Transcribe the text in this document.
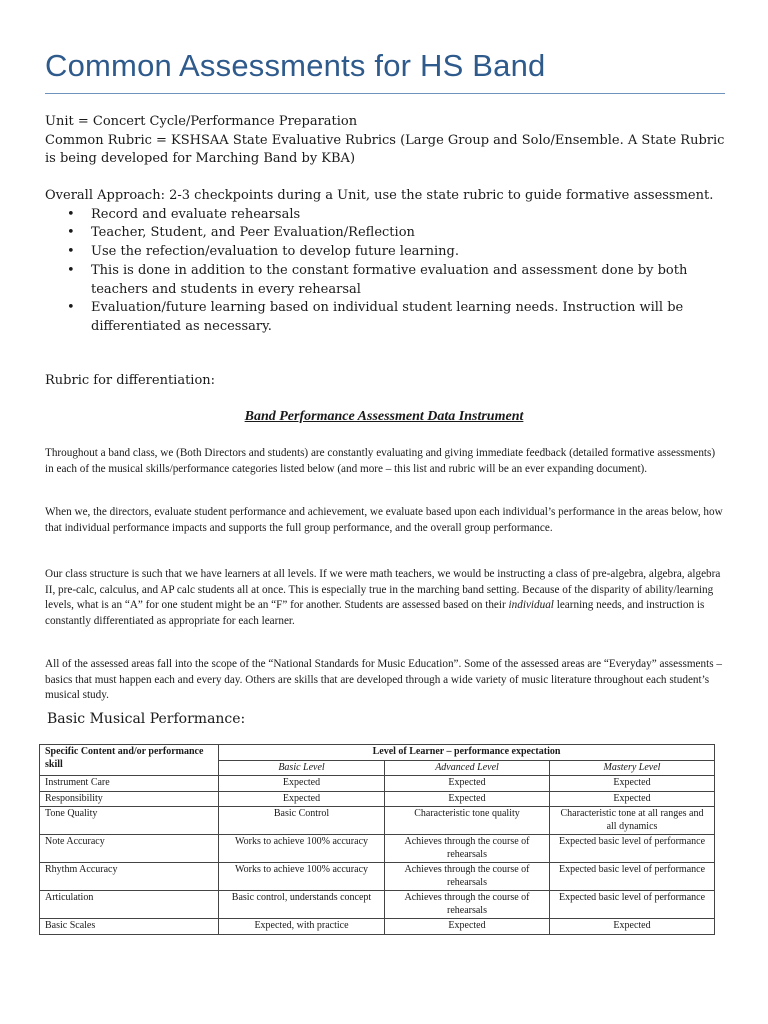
Common Assessments for HS Band

Unit = Concert Cycle/Performance Preparation

Common Rubric = KSHSAA State Evaluative Rubrics (Large Group and Solo/Ensemble. A State Rubric is being developed for Marching Band by KBA)

Overall Approach: 2-3 checkpoints during a Unit, use the state rubric to guide formative assessment.

• Record and evaluate rehearsals
• Teacher, Student, and Peer Evaluation/Reflection
• Use the refection/evaluation to develop future learning.
• This is done in addition to the constant formative evaluation and assessment done by both teachers and students in every rehearsal
• Evaluation/future learning based on individual student learning needs. Instruction will be differentiated as necessary.
Rubric for differentiation:
Band Performance Assessment Data Instrument

Throughout a band class, we (Both Directors and students) are constantly evaluating and giving immediate feedback (detailed formative assessments) in each of the musical skills/performance categories listed below (and more – this list and rubric will be an ever expanding document).

When we, the directors, evaluate student performance and achievement, we evaluate based upon each individual’s performance in the areas below, how that individual performance impacts and supports the full group performance, and the overall group performance.

Our class structure is such that we have learners at all levels. If we were math teachers, we would be instructing a class of pre-algebra, algebra, algebra II, pre-calc, calculus, and AP calc students all at once. This is especially true in the marching band setting. Because of the disparity of ability/learning levels, what is an “A” for one student might be an “F” for another. Students are assessed based on their individual learning needs, and instruction is constantly differentiated as appropriate for each learner.

All of the assessed areas fall into the scope of the “National Standards for Music Education”. Some of the assessed areas are “Everyday” assessments – basics that must happen each and every day. Others are skills that are developed through a wide variety of music literature throughout each student’s musical study.

Basic Musical Performance:
Specific Content and/or performance skill	Level of Learner – performance expectation		
	Basic Level	Advanced Level	Mastery Level
Instrument Care	Expected	Expected	Expected
Responsibility	Expected	Expected	Expected
Tone Quality	Basic Control	Characteristic tone quality	Characteristic tone at all ranges and all dynamics
Note Accuracy	Works to achieve 100% accuracy	Achieves through the course of rehearsals	Expected basic level of performance
Rhythm Accuracy	Works to achieve 100% accuracy	Achieves through the course of rehearsals	Expected basic level of performance
Articulation	Basic control, understands concept	Achieves through the course of rehearsals	Expected basic level of performance
Basic Scales	Expected, with practice	Expected	Expected
